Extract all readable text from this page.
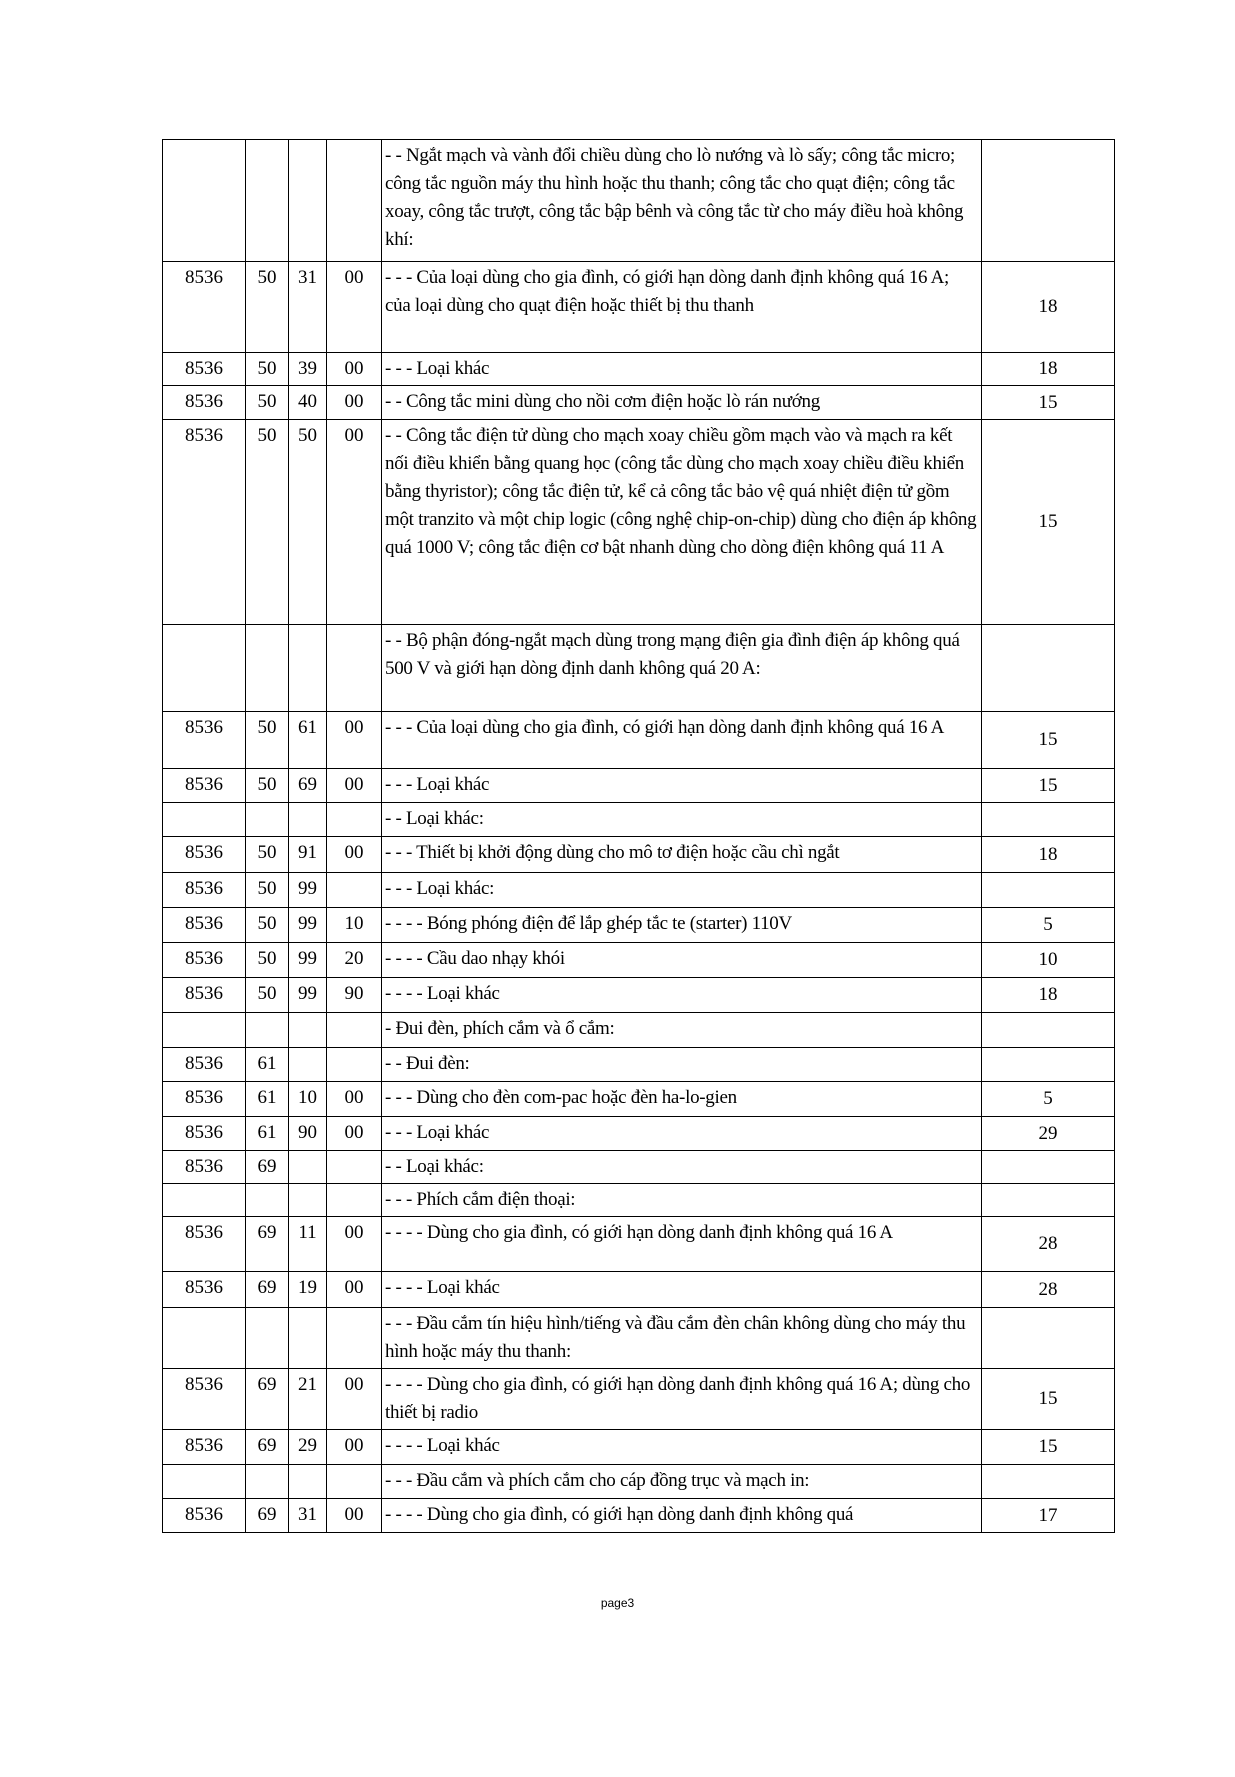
				- - Ngắt mạch và vành đổi chiều dùng cho lò nướng và lò sấy; công tắc micro; công tắc nguồn máy thu hình hoặc thu thanh; công tắc cho quạt điện; công tắc xoay, công tắc trượt, công tắc bập bênh và công tắc từ cho máy điều hoà không khí:	
8536	50	31	00	- - - Của loại dùng cho gia đình, có giới hạn dòng danh định không quá 16 A; của loại dùng cho quạt điện hoặc thiết bị thu thanh	18
8536	50	39	00	- - - Loại khác	18
8536	50	40	00	- - Công tắc mini dùng cho nồi cơm điện hoặc lò rán nướng	15
8536	50	50	00	- - Công tắc điện tử dùng cho mạch xoay chiều gồm mạch vào và mạch ra kết nối điều khiển bằng quang học (công tắc dùng cho mạch xoay chiều điều khiển bằng thyristor); công tắc điện tử, kể cả công tắc bảo vệ quá nhiệt điện tử gồm một tranzito và một chip logic (công nghệ chip-on-chip) dùng cho điện áp không quá 1000 V; công tắc điện cơ bật nhanh dùng cho dòng điện không quá 11 A	15
				- - Bộ phận đóng-ngắt mạch dùng trong mạng điện gia đình điện áp không quá 500 V và giới hạn dòng định danh không quá 20 A:	
8536	50	61	00	- - - Của loại dùng cho gia đình, có giới hạn dòng danh định không quá 16 A	15
8536	50	69	00	- - - Loại khác	15
				- - Loại khác:	
8536	50	91	00	- - - Thiết bị khởi động dùng cho mô tơ điện hoặc cầu chì ngắt	18
8536	50	99		- - - Loại khác:	
8536	50	99	10	- - - - Bóng phóng điện để lắp ghép tắc te (starter) 110V	5
8536	50	99	20	- - - - Cầu dao nhạy khói	10
8536	50	99	90	- - - - Loại khác	18
				- Đui đèn, phích cắm và ổ cắm:	
8536	61			- - Đui đèn:	
8536	61	10	00	- - - Dùng cho đèn com-pac hoặc đèn ha-lo-gien	5
8536	61	90	00	- - - Loại khác	29
8536	69			- - Loại khác:	
				- - - Phích cắm điện thoại:	
8536	69	11	00	- - - - Dùng cho gia đình, có giới hạn dòng danh định không quá 16 A	28
8536	69	19	00	- - - - Loại khác	28
				- - - Đầu cắm tín hiệu hình/tiếng và đầu cắm đèn chân không dùng cho máy thu hình hoặc máy thu thanh:	
8536	69	21	00	- - - - Dùng cho gia đình, có giới hạn dòng danh định không quá 16 A; dùng cho thiết bị radio	15
8536	69	29	00	- - - - Loại khác	15
				- - - Đầu cắm và phích cắm cho cáp đồng trục và mạch in:	
8536	69	31	00	- - - - Dùng cho gia đình, có giới hạn dòng danh định không quá	17
page3
